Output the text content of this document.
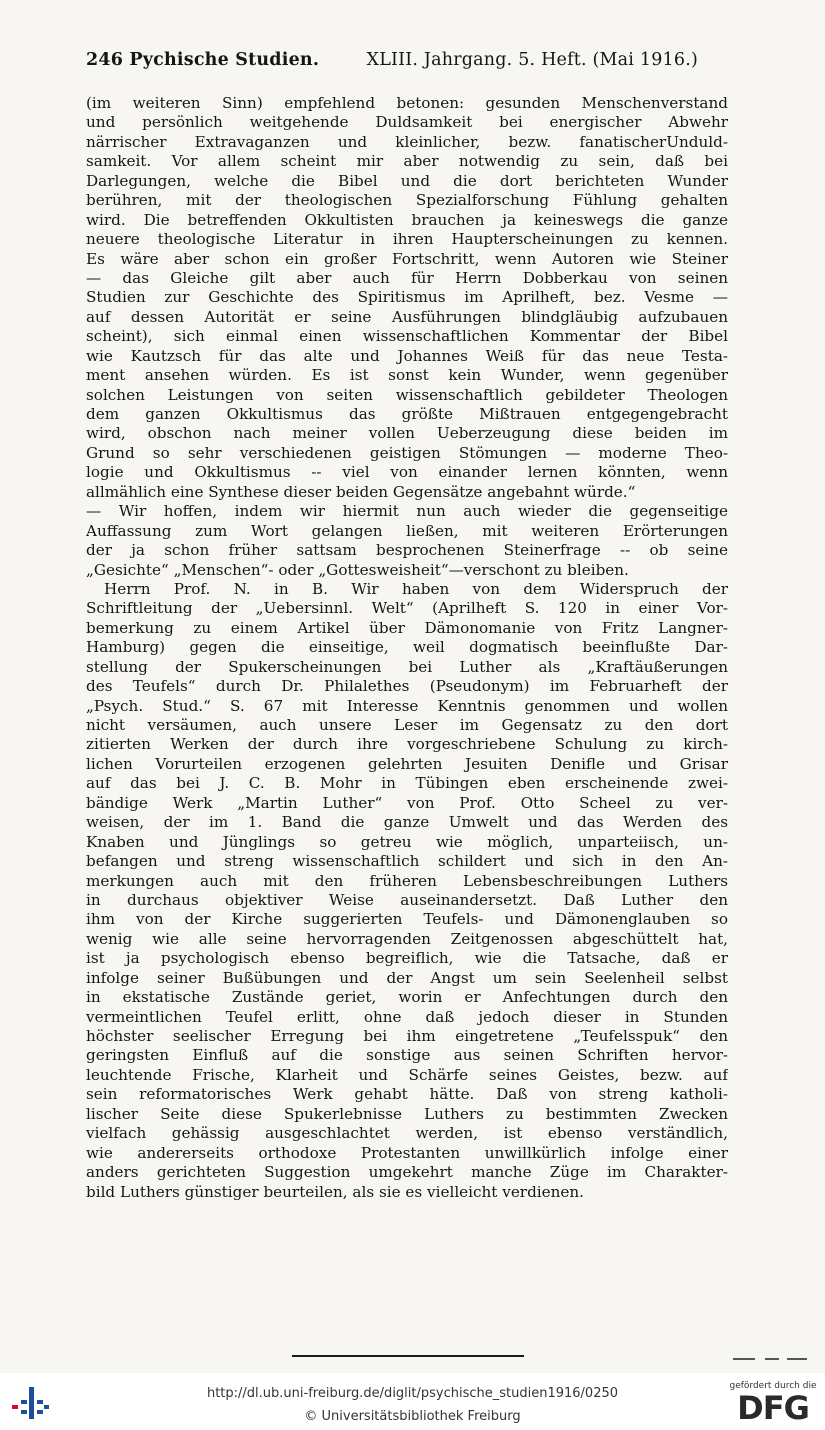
246 Pychische Studien.	XLIII. Jahrgang. 5. Heft. (Mai 1916.)
(im weiteren Sinn) empfehlend betonen: gesunden Menschenverstand
und persönlich weitgehende Duldsamkeit bei energischer Abwehr
närrischer Extravaganzen und kleinlicher, bezw. fanatischerUnduld-
samkeit. Vor allem scheint mir aber notwendig zu sein, daß bei
Darlegungen, welche die Bibel und die dort berichteten Wunder
berühren, mit der theologischen Spezialforschung Fühlung gehalten
wird. Die betreffenden Okkultisten brauchen ja keineswegs die ganze
neuere theologische Literatur in ihren Haupterscheinungen zu kennen.
Es wäre aber schon ein großer Fortschritt, wenn Autoren wie Steiner
— das Gleiche gilt aber auch für Herrn Dobberkau von seinen
Studien zur Geschichte des Spiritismus im Aprilheft, bez. Vesme —
auf dessen Autorität er seine Ausführungen blindgläubig aufzubauen
scheint), sich einmal einen wissenschaftlichen Kommentar der Bibel
wie Kautzsch für das alte und Johannes Weiß für das neue Testa-
ment ansehen würden. Es ist sonst kein Wunder, wenn gegenüber
solchen Leistungen von seiten wissenschaftlich gebildeter Theologen
dem ganzen Okkultismus das größte Mißtrauen entgegengebracht
wird, obschon nach meiner vollen Ueberzeugung diese beiden im
Grund so sehr verschiedenen geistigen Stömungen — moderne Theo-
logie und Okkultismus -- viel von einander lernen könnten, wenn
allmählich eine Synthese dieser beiden Gegensätze angebahnt würde.“
— Wir hoffen, indem wir hiermit nun auch wieder die gegenseitige
Auffassung zum Wort gelangen ließen, mit weiteren Erörterungen
der ja schon früher sattsam besprochenen Steinerfrage -- ob seine
„Gesichte“ „Menschen“- oder „Gottesweisheit“—verschont zu bleiben.
Herrn Prof. N. in B. Wir haben von dem Widerspruch der
Schriftleitung der „Uebersinnl. Welt“ (Aprilheft S. 120 in einer Vor-
bemerkung zu einem Artikel über Dämonomanie von Fritz Langner-
Hamburg) gegen die einseitige, weil dogmatisch beeinflußte Dar-
stellung der Spukerscheinungen bei Luther als „Kraftäußerungen
des Teufels“ durch Dr. Philalethes (Pseudonym) im Februarheft der
„Psych. Stud.“ S. 67 mit Interesse Kenntnis genommen und wollen
nicht versäumen, auch unsere Leser im Gegensatz zu den dort
zitierten Werken der durch ihre vorgeschriebene Schulung zu kirch-
lichen Vorurteilen erzogenen gelehrten Jesuiten Denifle und Grisar
auf das bei J. C. B. Mohr in Tübingen eben erscheinende zwei-
bändige Werk „Martin Luther“ von Prof. Otto Scheel zu ver-
weisen, der im 1. Band die ganze Umwelt und das Werden des
Knaben und Jünglings so getreu wie möglich, unparteiisch, un-
befangen und streng wissenschaftlich schildert und sich in den An-
merkungen auch mit den früheren Lebensbeschreibungen Luthers
in durchaus objektiver Weise auseinandersetzt. Daß Luther den
ihm von der Kirche suggerierten Teufels- und Dämonenglauben so
wenig wie alle seine hervorragenden Zeitgenossen abgeschüttelt hat,
ist ja psychologisch ebenso begreiflich, wie die Tatsache, daß er
infolge seiner Bußübungen und der Angst um sein Seelenheil selbst
in ekstatische Zustände geriet, worin er Anfechtungen durch den
vermeintlichen Teufel erlitt, ohne daß jedoch dieser in Stunden
höchster seelischer Erregung bei ihm eingetretene „Teufelsspuk“ den
geringsten Einfluß auf die sonstige aus seinen Schriften hervor-
leuchtende Frische, Klarheit und Schärfe seines Geistes, bezw. auf
sein reformatorisches Werk gehabt hätte. Daß von streng katholi-
lischer Seite diese Spukerlebnisse Luthers zu bestimmten Zwecken
vielfach gehässig ausgeschlachtet werden, ist ebenso verständlich,
wie andererseits orthodoxe Protestanten unwillkürlich infolge einer
anders gerichteten Suggestion umgekehrt manche Züge im Charakter-
bild Luthers günstiger beurteilen, als sie es vielleicht verdienen.
http://dl.ub.uni-freiburg.de/diglit/psychische_studien1916/0250
© Universitätsbibliothek Freiburg
gefördert durch die
DFG
